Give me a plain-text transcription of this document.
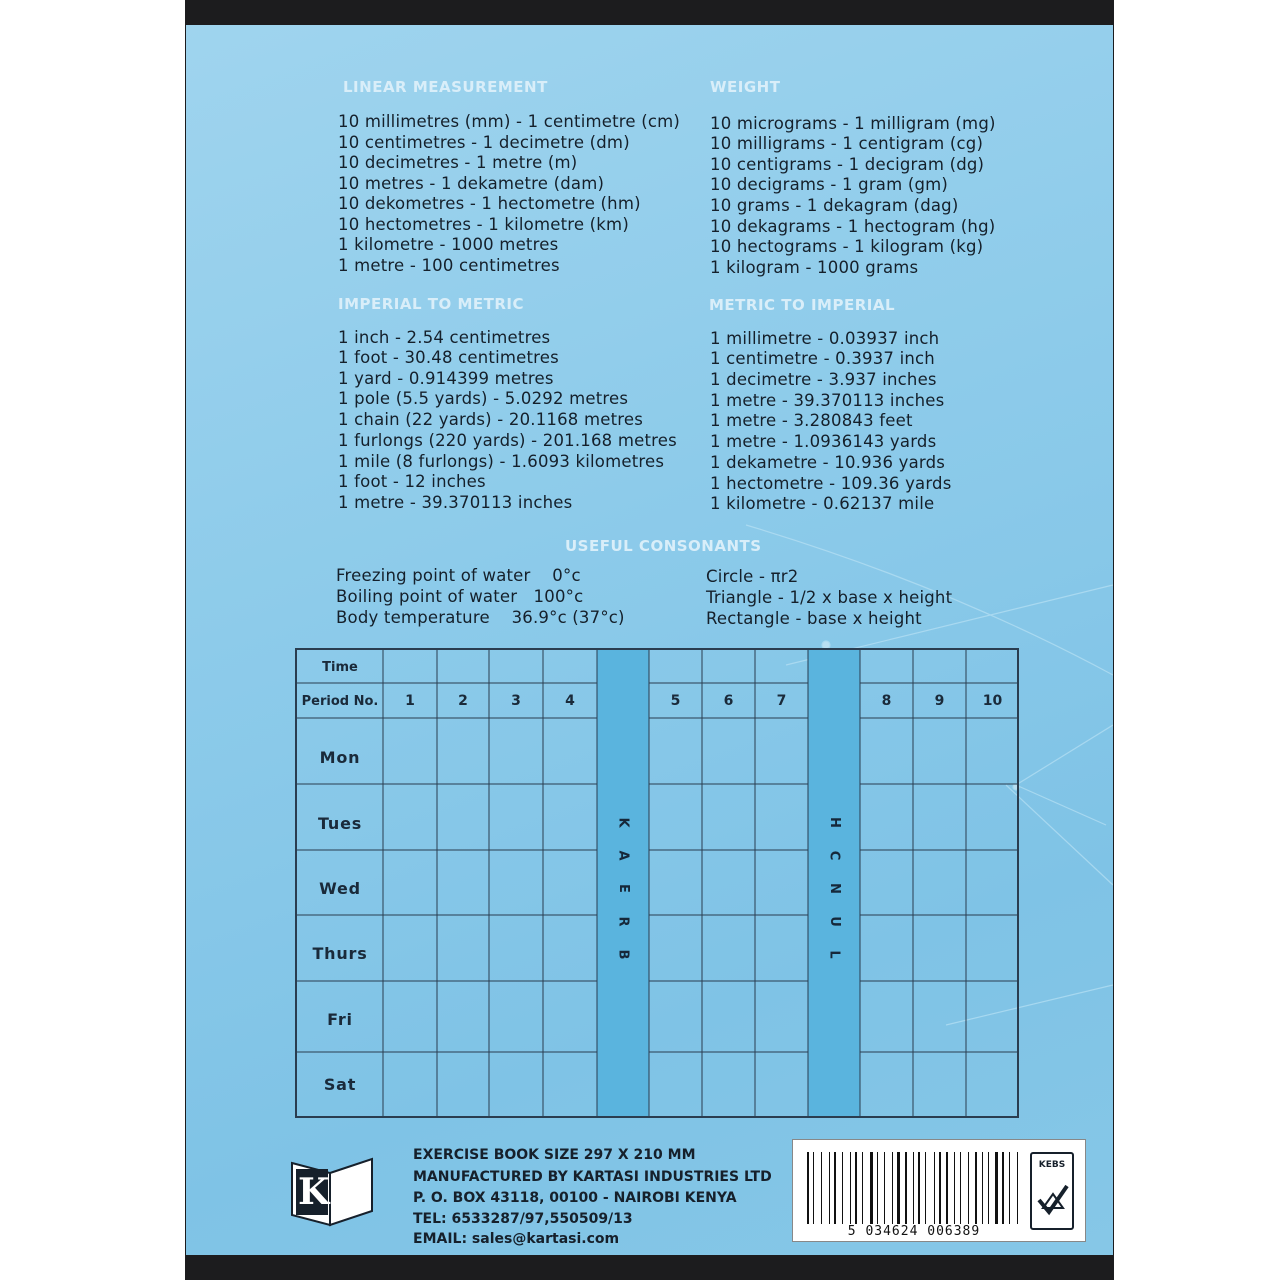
LINEAR MEASUREMENT	WEIGHT
IMPERIAL TO METRIC	METRIC TO IMPERIAL
USEFUL CONSONANTS
10 millimetres (mm) - 1 centimetre (cm)
10 centimetres - 1 decimetre (dm)
10 decimetres - 1 metre (m)
10 metres - 1 dekametre (dam)
10 dekometres - 1 hectometre (hm)
10 hectometres - 1 kilometre (km)
1 kilometre - 1000 metres
1 metre - 100 centimetres
10 micrograms - 1 milligram (mg)
10 milligrams - 1 centigram (cg)
10 centigrams - 1 decigram (dg)
10 decigrams - 1 gram (gm)
10 grams - 1 dekagram (dag)
10 dekagrams - 1 hectogram (hg)
10 hectograms - 1 kilogram (kg)
1 kilogram - 1000 grams
1 inch - 2.54 centimetres
1 foot - 30.48 centimetres
1 yard - 0.914399 metres
1 pole (5.5 yards) - 5.0292 metres
1 chain (22 yards) - 20.1168 metres
1 furlongs (220 yards) - 201.168 metres
1 mile (8 furlongs) - 1.6093 kilometres
1 foot - 12 inches
1 metre - 39.370113 inches
1 millimetre - 0.03937 inch
1 centimetre - 0.3937 inch
1 decimetre - 3.937 inches
1 metre - 39.370113 inches
1 metre - 3.280843 feet
1 metre - 1.0936143 yards
1 dekametre - 10.936 yards
1 hectometre - 109.36 yards
1 kilometre - 0.62137 mile
Freezing point of water    0°c
Boiling point of water   100°c
Body temperature    36.9°c (37°c)
Circle - πr2
Triangle - 1/2 x base x height
Rectangle - base x height
Time
Period No.	1	2	3	4	5	6	7	8	9	10
Mon
Tues
Wed
Thurs
Fri
Sat
K
A
E
R
B
H
C
N
U
L
K
EXERCISE BOOK SIZE 297 X 210 MM
MANUFACTURED BY KARTASI INDUSTRIES LTD
P. O. BOX 43118, 00100 - NAIROBI KENYA
TEL: 6533287/97,550509/13
EMAIL: sales@kartasi.com	5 034624 006389
KEBS
